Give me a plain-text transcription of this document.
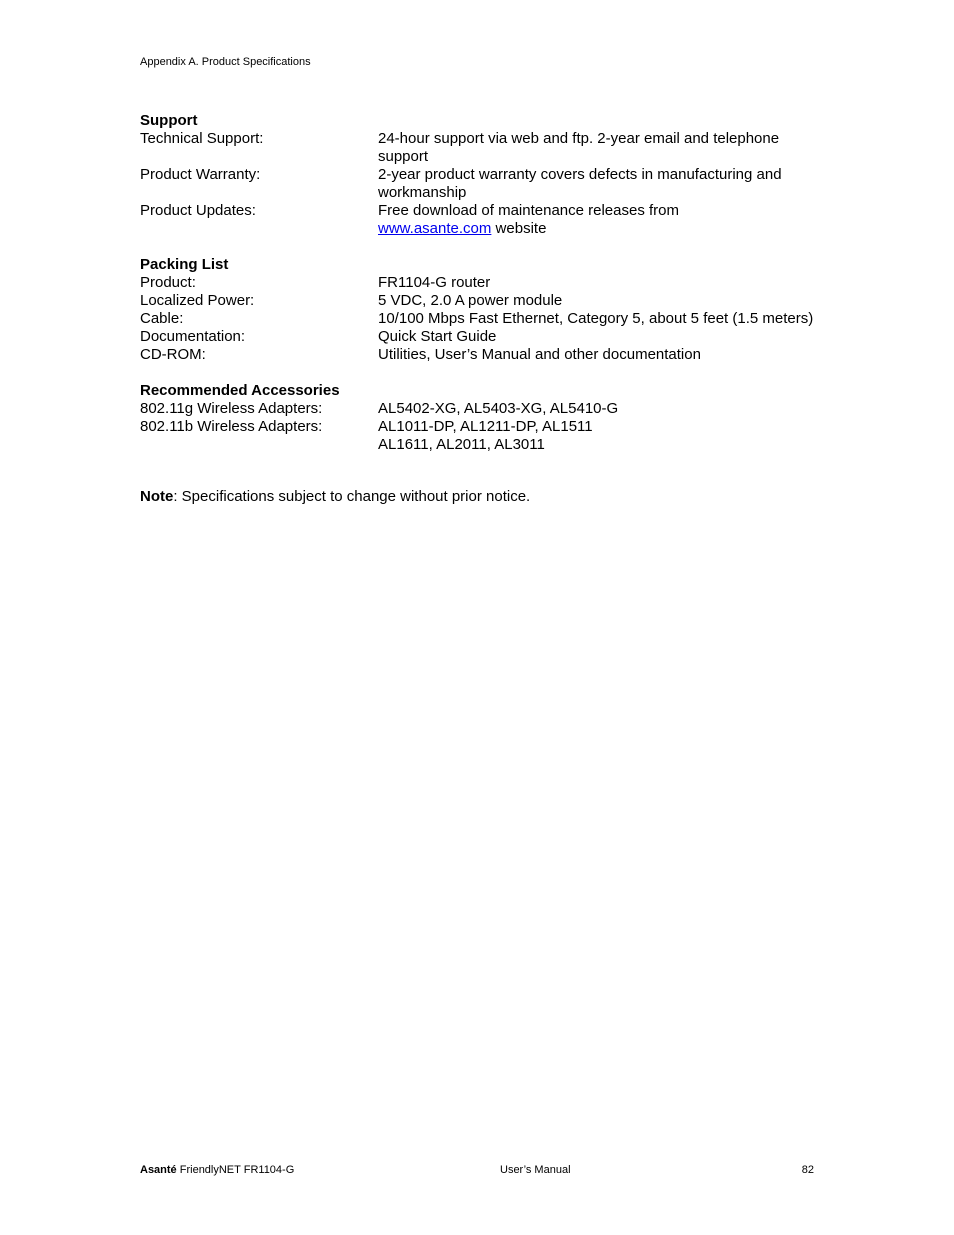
Appendix A. Product Specifications
Support
Technical Support:	24-hour support via web and ftp. 2-year email and telephone support
Product Warranty:	2-year product warranty covers defects in manufacturing and workmanship
Product Updates:	Free download of maintenance releases from
www.asante.com website
Packing List
Product:	FR1104-G router
Localized Power:	5 VDC, 2.0 A power module
Cable:	10/100 Mbps Fast Ethernet, Category 5, about 5 feet (1.5 meters)
Documentation:	Quick Start Guide
CD-ROM:	Utilities, User’s Manual and other documentation
Recommended Accessories
802.11g Wireless Adapters:	AL5402-XG, AL5403-XG, AL5410-G
802.11b Wireless Adapters:	AL1011-DP, AL1211-DP, AL1511
AL1611, AL2011, AL3011
Note: Specifications subject to change without prior notice.
Asanté FriendlyNET FR1104-G	User’s Manual	82
